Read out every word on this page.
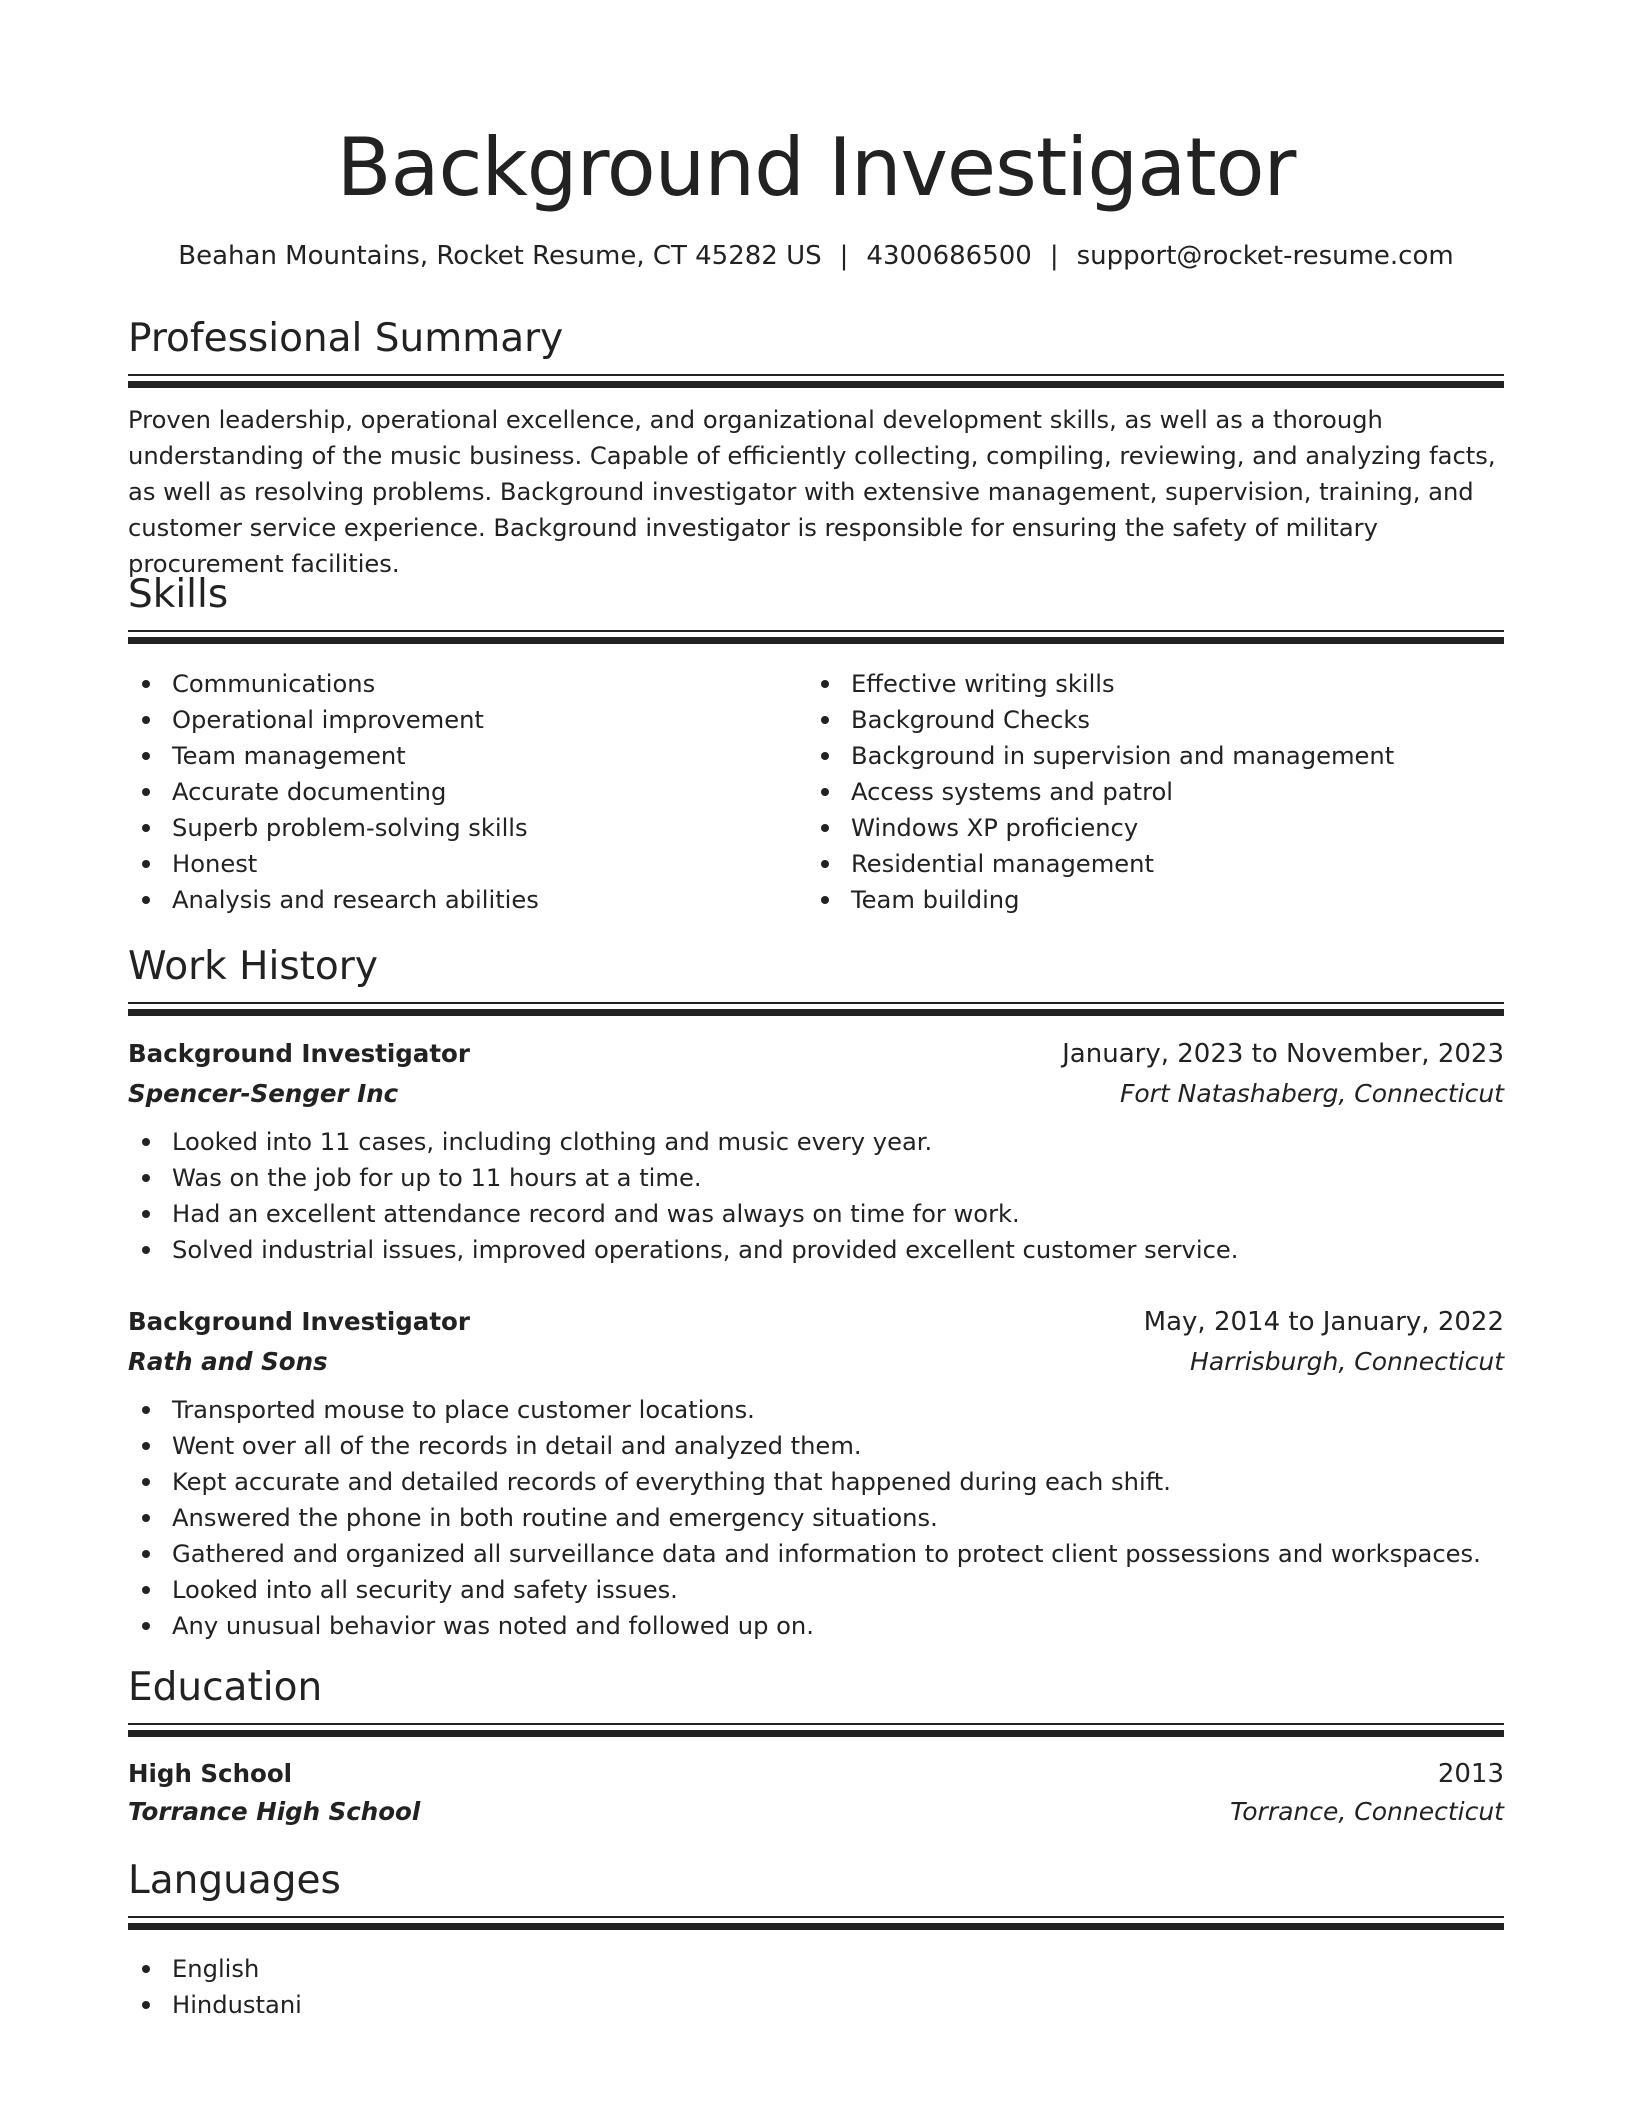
Background Investigator
Beahan Mountains, Rocket Resume, CT 45282 US | 4300686500 | support@rocket-resume.com
Professional Summary
Proven leadership, operational excellence, and organizational development skills, as well as a thorough understanding of the music business. Capable of efficiently collecting, compiling, reviewing, and analyzing facts, as well as resolving problems. Background investigator with extensive management, supervision, training, and customer service experience. Background investigator is responsible for ensuring the safety of military procurement facilities.
Skills
Communications
Operational improvement
Team management
Accurate documenting
Superb problem-solving skills
Honest
Analysis and research abilities
Effective writing skills
Background Checks
Background in supervision and management
Access systems and patrol
Windows XP proficiency
Residential management
Team building
Work History
Background Investigator	January, 2023 to November, 2023
Spencer-Senger Inc	Fort Natashaberg, Connecticut
Looked into 11 cases, including clothing and music every year.
Was on the job for up to 11 hours at a time.
Had an excellent attendance record and was always on time for work.
Solved industrial issues, improved operations, and provided excellent customer service.
Background Investigator	May, 2014 to January, 2022
Rath and Sons	Harrisburgh, Connecticut
Transported mouse to place customer locations.
Went over all of the records in detail and analyzed them.
Kept accurate and detailed records of everything that happened during each shift.
Answered the phone in both routine and emergency situations.
Gathered and organized all surveillance data and information to protect client possessions and workspaces.
Looked into all security and safety issues.
Any unusual behavior was noted and followed up on.
Education
High School	2013
Torrance High School	Torrance, Connecticut
Languages
English
Hindustani
